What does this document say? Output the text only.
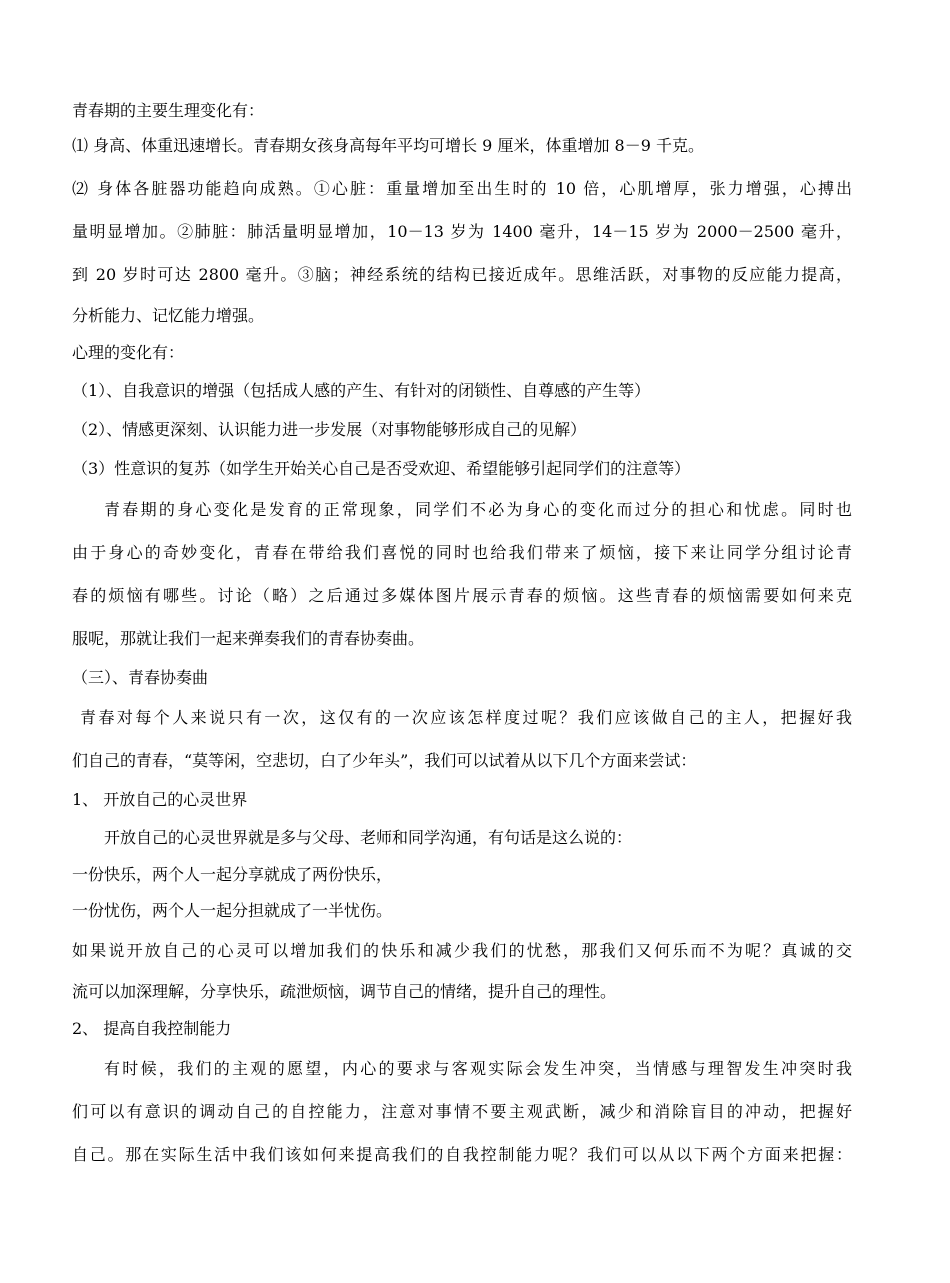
青春期的主要生理变化有：

⑴ 身高、体重迅速增长。青春期女孩身高每年平均可增长 9 厘米，体重增加 8－9 千克。

⑵ 身体各脏器功能趋向成熟。①心脏：重量增加至出生时的 10 倍，心肌增厚，张力增强，心搏出

量明显增加。②肺脏：肺活量明显增加，10－13 岁为 1400 毫升，14－15 岁为 2000－2500 毫升，

到 20 岁时可达 2800 毫升。③脑；神经系统的结构已接近成年。思维活跃，对事物的反应能力提高，

分析能力、记忆能力增强。

心理的变化有：

（1）、自我意识的增强（包括成人感的产生、有针对的闭锁性、自尊感的产生等）

（2）、情感更深刻、认识能力进一步发展（对事物能够形成自己的见解）

（3）性意识的复苏（如学生开始关心自己是否受欢迎、希望能够引起同学们的注意等）

青春期的身心变化是发育的正常现象，同学们不必为身心的变化而过分的担心和忧虑。同时也

由于身心的奇妙变化，青春在带给我们喜悦的同时也给我们带来了烦恼，接下来让同学分组讨论青

春的烦恼有哪些。讨论（略）之后通过多媒体图片展示青春的烦恼。这些青春的烦恼需要如何来克

服呢，那就让我们一起来弹奏我们的青春协奏曲。

（三）、青春协奏曲

青春对每个人来说只有一次，这仅有的一次应该怎样度过呢？我们应该做自己的主人，把握好我

们自己的青春，“莫等闲，空悲切，白了少年头”，我们可以试着从以下几个方面来尝试：

1、 开放自己的心灵世界

开放自己的心灵世界就是多与父母、老师和同学沟通，有句话是这么说的：

一份快乐，两个人一起分享就成了两份快乐，

一份忧伤，两个人一起分担就成了一半忧伤。

如果说开放自己的心灵可以增加我们的快乐和减少我们的忧愁，那我们又何乐而不为呢？真诚的交

流可以加深理解，分享快乐，疏泄烦恼，调节自己的情绪，提升自己的理性。

2、 提高自我控制能力

有时候，我们的主观的愿望，内心的要求与客观实际会发生冲突，当情感与理智发生冲突时我

们可以有意识的调动自己的自控能力，注意对事情不要主观武断，减少和消除盲目的冲动，把握好

自己。那在实际生活中我们该如何来提高我们的自我控制能力呢？我们可以从以下两个方面来把握：
